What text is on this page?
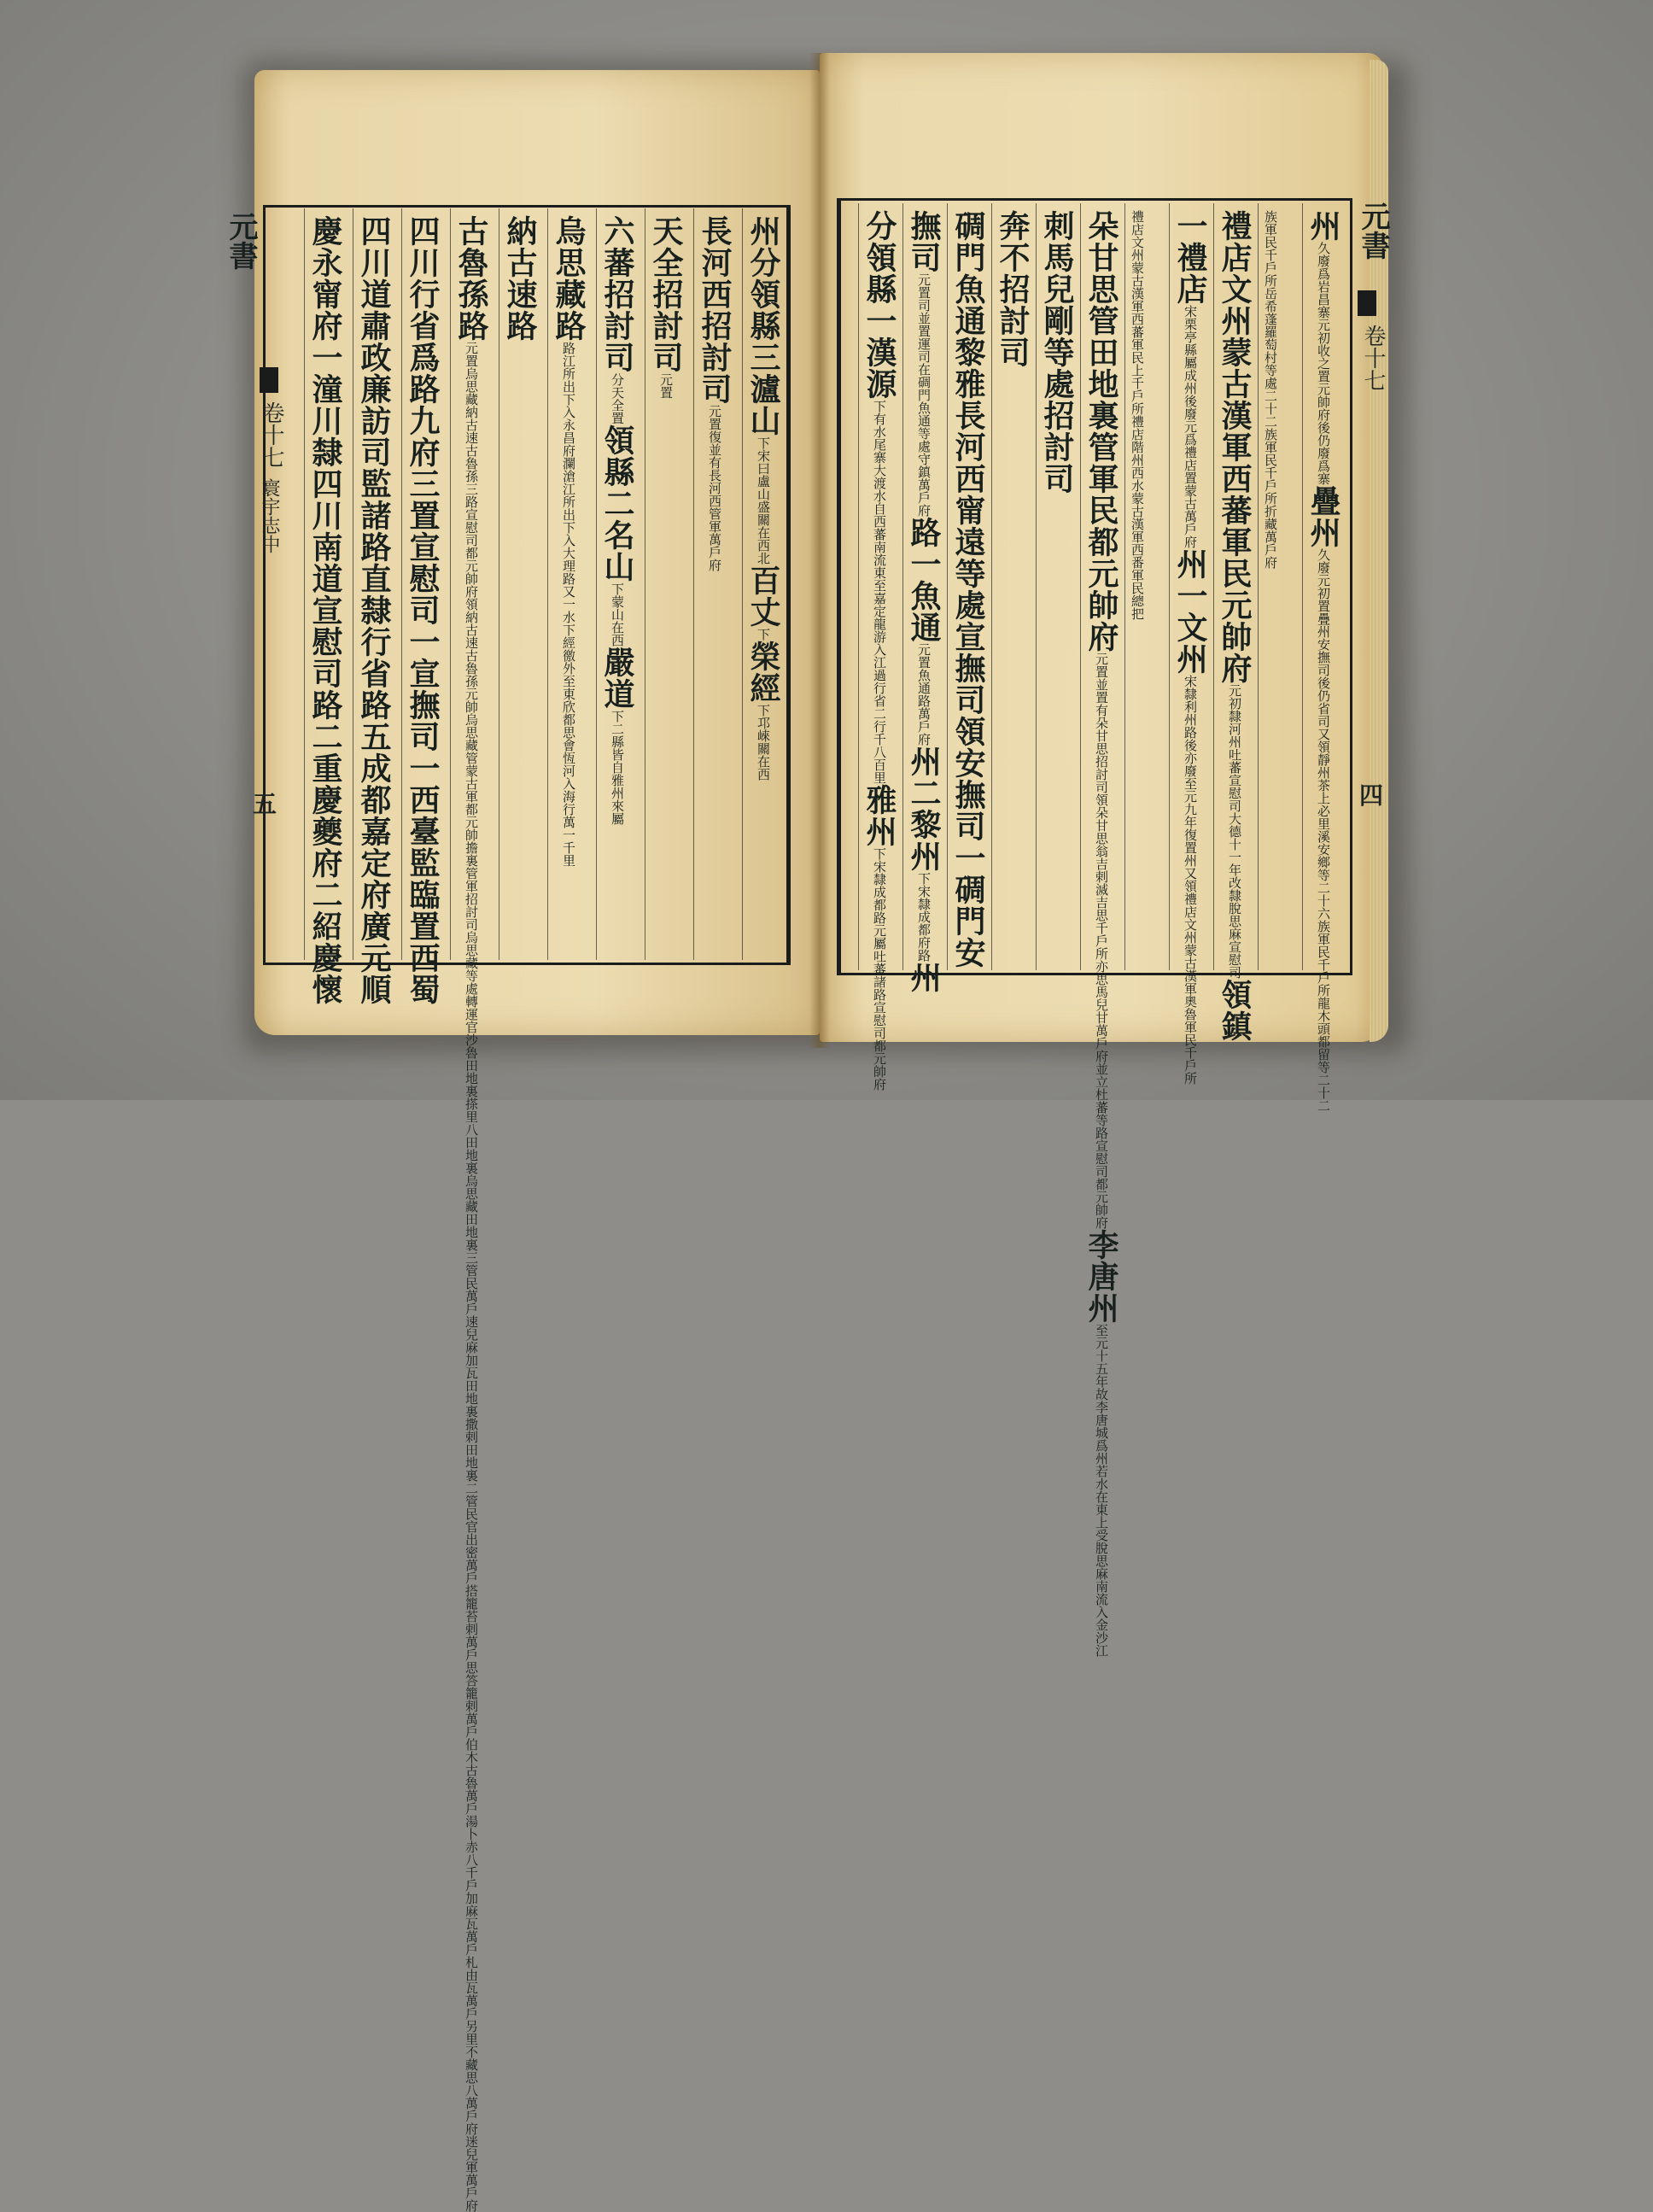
元書
卷十七
寰宇志中
五
州分領縣三瀘山下宋曰盧山盛關在西北百丈下榮經下邛崍關在西
長河西招討司元置復並有長河西管軍萬戶府
天全招討司元置
六蕃招討司分天全置領縣二名山下蒙山在西嚴道下二縣皆自雅州來屬
烏思藏路路江所出下入永昌府瀾滄江所出下入大理路又一水下經徼外至東欣都思會恆河入海行萬一千里
納古速路
古魯孫路元置烏思藏納古速古魯孫三路宣慰司都元帥府領納古速古魯孫元帥烏思藏管蒙古軍都元帥擔裏管軍招討司烏思藏等處轉運官沙魯田地裏搽里八田地裏烏思藏田地裏三管民萬戶速兒麻加瓦田地裏撒剌田地裏二管民官出密萬戶搭籠苔剌萬戶思答籠剌萬戶伯木古魯萬戶湯卜赤八千戶加麻瓦萬戶札由瓦萬戶另里不藏思八萬戶府迷兒軍萬戶府
四川行省爲路九府三置宣慰司一宣撫司一西臺監臨置西蜀
四川道肅政廉訪司監諸路直隸行省路五成都嘉定府廣元順
慶永甯府一潼川隸四川南道宣慰司路二重慶夔府二紹慶懷	元書
卷十七
四
州久廢爲岩昌寨元初收之置元帥府後仍廢爲寨疊州久廢元初置疊州安撫司後仍省司又領靜州茶上必里溪安鄉等二十六族軍民千戶所龍木頭都留等二十二
族軍民千戶所岳希蓬羅萄村等處二十二族軍民千戶所折藏萬戶府
禮店文州蒙古漢軍西蕃軍民元帥府元初隸河州吐蕃宣慰司大德十一年改隸脫思麻宣慰司領鎮
一禮店宋栗亭縣屬成州後廢元爲禮店置蒙古萬戶府州一文州宋隸利州路後亦廢至元九年復置州又領禮店文州蒙古漢軍奧魯軍民千戶所
禮店文州蒙古漢軍西蕃軍民上千戶所禮店階州西水蒙古漢軍西番軍民總把
朵甘思管田地裏管軍民都元帥府元置並置有朵甘思招討司領朵甘思翁吉剌滅吉思千戶所亦思馬兒甘萬戶府並立杜蕃等路宣慰司都元帥府李唐州至元十五年故李唐城爲州若水在東上受脫思麻南流入金沙江
刺馬兒剛等處招討司
奔不招討司
碉門魚通黎雅長河西甯遠等處宣撫司領安撫司一碉門安
撫司元置司並置運司在碉門魚通等處守鎮萬戶府路一魚通元置魚通路萬戶府州二黎州下宋隸成都府路州
分領縣一漢源下有水尾寨大渡水自西蕃南流東至嘉定龍游入江過行省二行千八百里雅州下宋隸成都路元屬吐蕃諸路宣慰司都元帥府
